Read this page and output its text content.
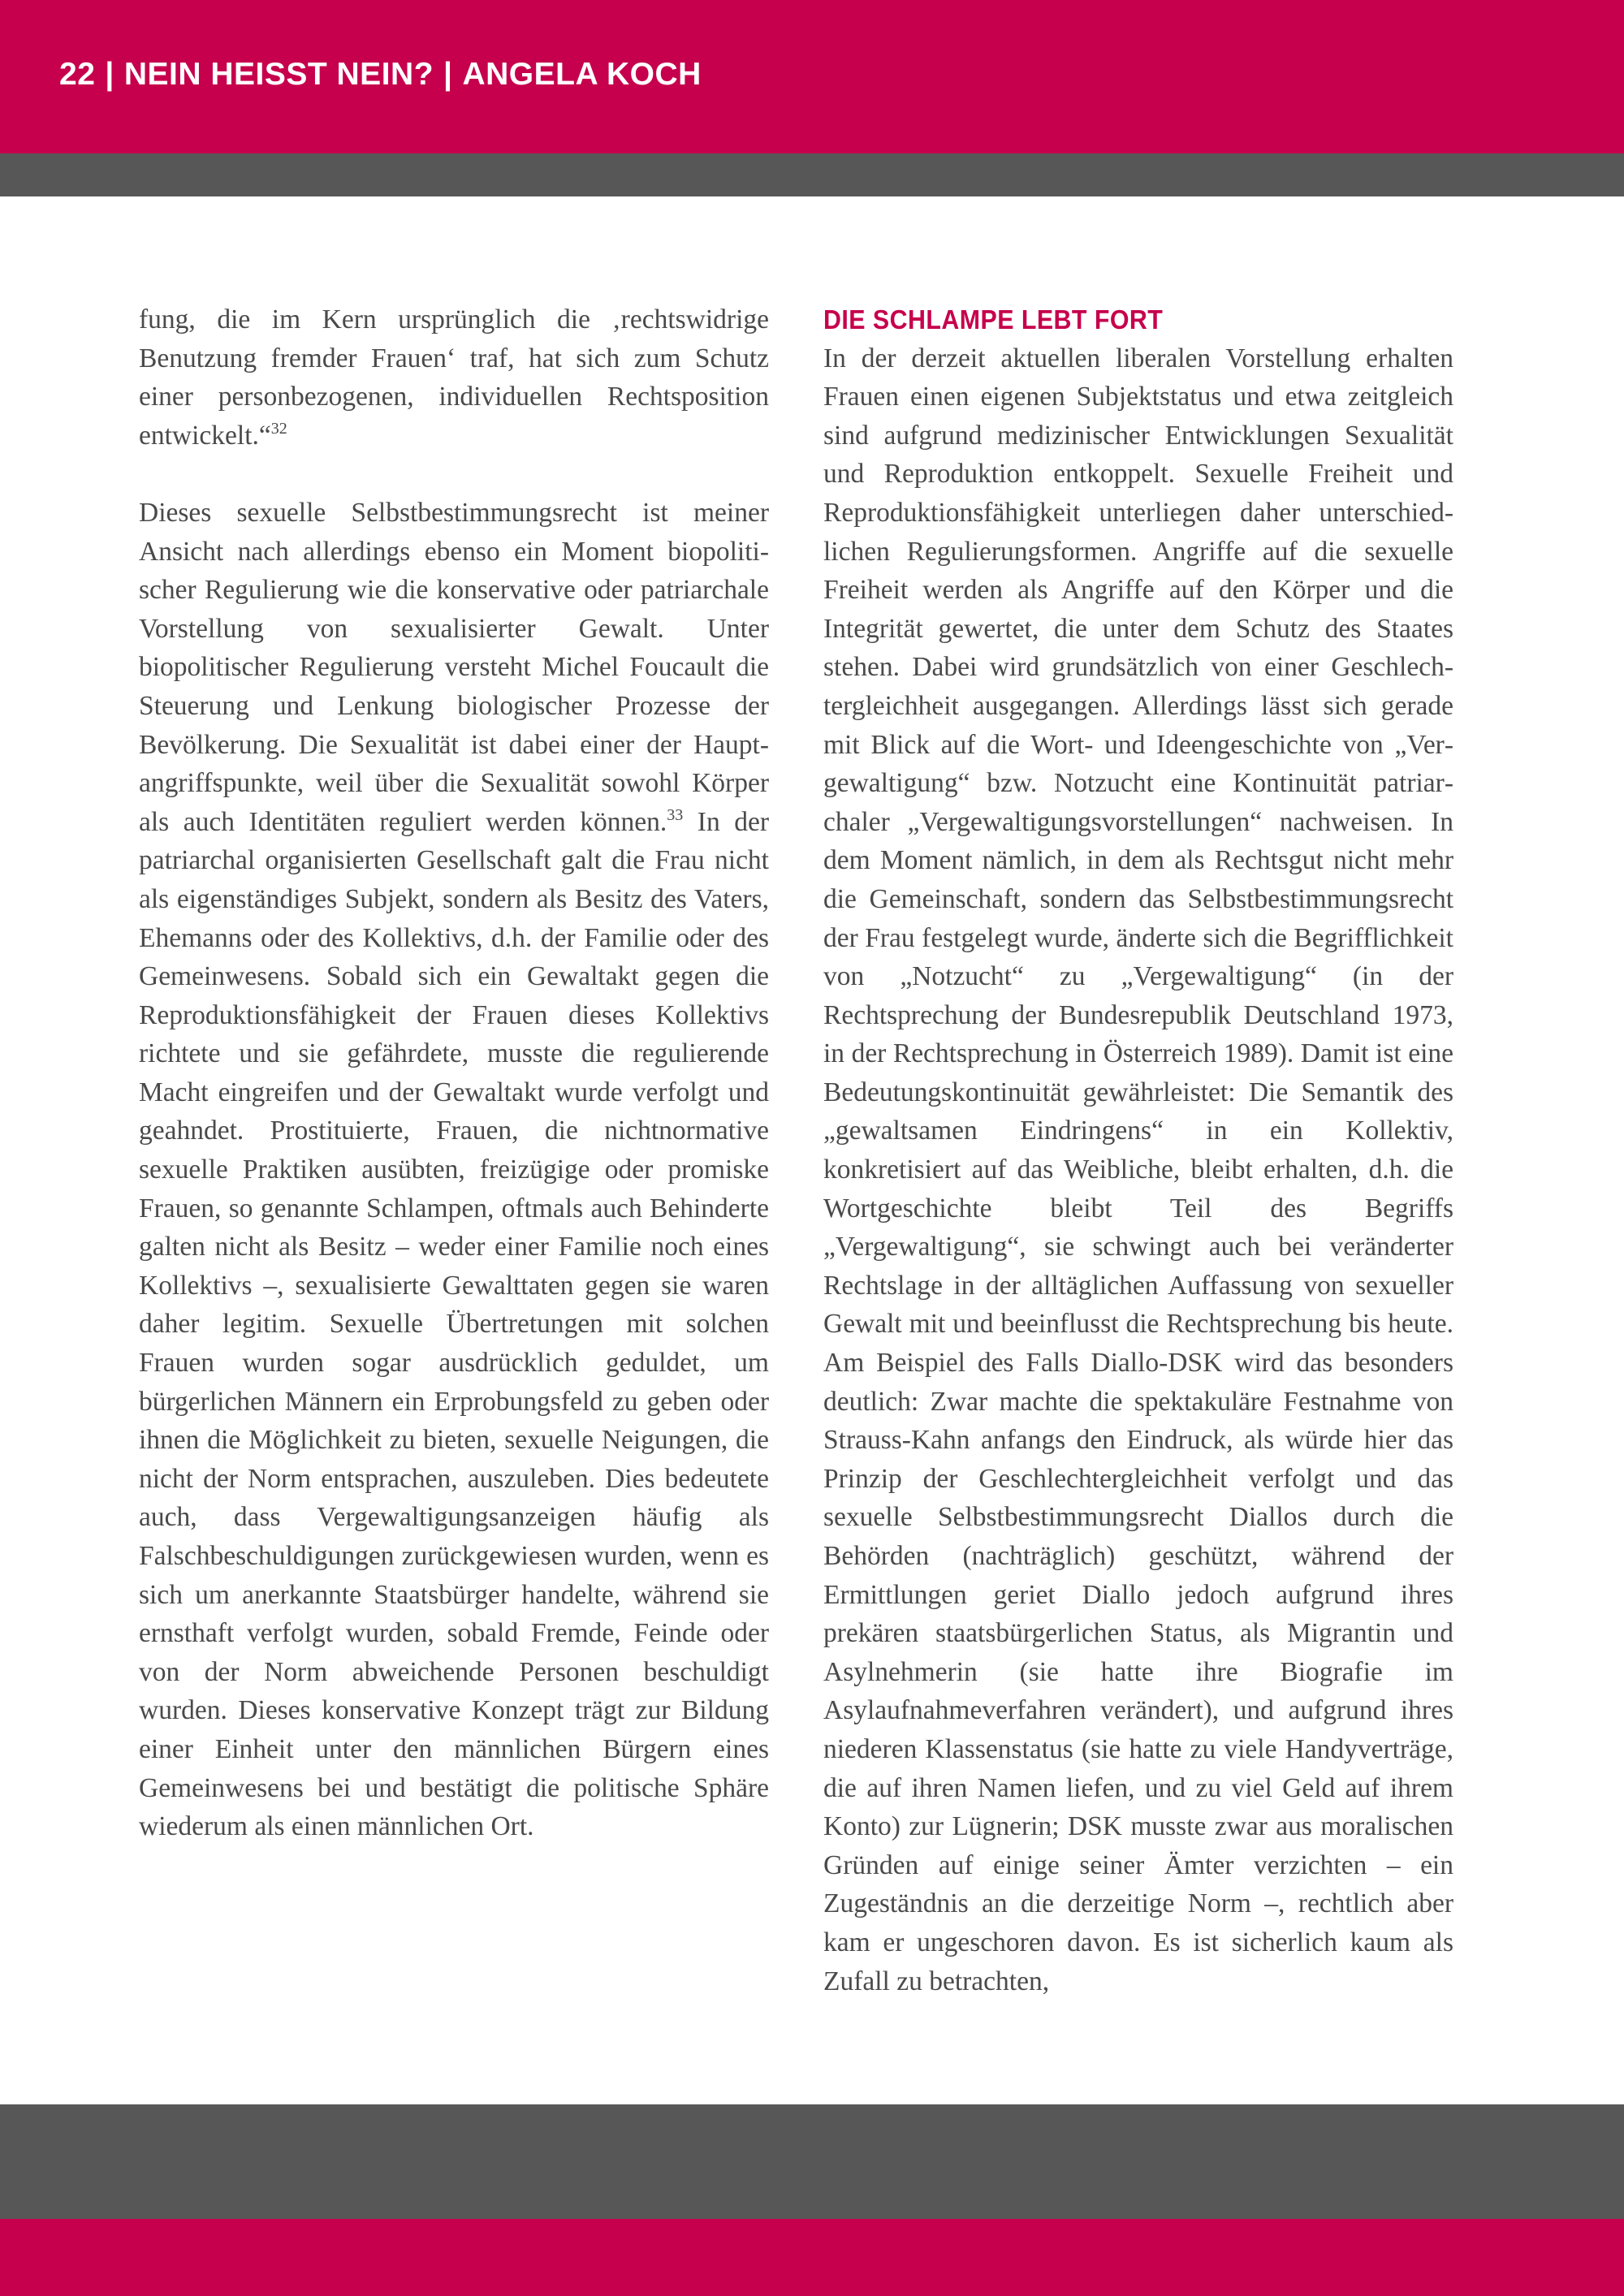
22 | NEIN HEISST NEIN? | ANGELA KOCH

fung, die im Kern ursprünglich die ‚rechtswidrige Benutzung fremder Frauen‘ traf, hat sich zum Schutz einer personbezogenen, individuellen Rechtsposition entwickelt.“$^{32}$

Dieses sexuelle Selbstbestimmungsrecht ist meiner Ansicht nach allerdings ebenso ein Moment biopolitischer Regulierung wie die konservative oder patriarchale Vorstellung von sexualisierter Gewalt. Unter biopolitischer Regulierung versteht Michel Foucault die Steuerung und Lenkung biologischer Prozesse der Bevölkerung. Die Sexualität ist dabei einer der Hauptangriffspunkte, weil über die Sexualität sowohl Körper als auch Identitäten reguliert werden können.$^{33}$ In der patriarchal organisierten Gesellschaft galt die Frau nicht als eigenständiges Subjekt, sondern als Besitz des Vaters, Ehemanns oder des Kollektivs, d.h. der Familie oder des Gemeinwesens. Sobald sich ein Gewaltakt gegen die Reproduktionsfähigkeit der Frauen dieses Kollektivs richtete und sie gefährdete, musste die regulierende Macht eingreifen und der Gewaltakt wurde verfolgt und geahndet. Prostituierte, Frauen, die nichtnormative sexuelle Praktiken ausübten, freizügige oder promiske Frauen, so genannte Schlampen, oftmals auch Behinderte galten nicht als Besitz – weder einer Familie noch eines Kollektivs –, sexualisierte Gewalttaten gegen sie waren daher legitim. Sexuelle Übertretungen mit solchen Frauen wurden sogar ausdrücklich geduldet, um bürgerlichen Männern ein Erprobungsfeld zu geben oder ihnen die Möglichkeit zu bieten, sexuelle Neigungen, die nicht der Norm entsprachen, auszuleben. Dies bedeutete auch, dass Vergewaltigungsanzeigen häufig als Falschbeschuldigungen zurückgewiesen wurden, wenn es sich um anerkannte Staatsbürger handelte, während sie ernsthaft verfolgt wurden, sobald Fremde, Feinde oder von der Norm abweichende Personen beschuldigt wurden. Dieses konservative Konzept trägt zur Bildung einer Einheit unter den männlichen Bürgern eines Gemeinwesens bei und bestätigt die politische Sphäre wiederum als einen männlichen Ort.

DIE SCHLAMPE LEBT FORT

In der derzeit aktuellen liberalen Vorstellung erhalten Frauen einen eigenen Subjektstatus und etwa zeitgleich sind aufgrund medizinischer Entwicklungen Sexualität und Reproduktion entkoppelt. Sexuelle Freiheit und Reproduktionsfähigkeit unterliegen daher unterschiedlichen Regulierungsformen. Angriffe auf die sexuelle Freiheit werden als Angriffe auf den Körper und die Integrität gewertet, die unter dem Schutz des Staates stehen. Dabei wird grundsätzlich von einer Geschlechtergleichheit ausgegangen. Allerdings lässt sich gerade mit Blick auf die Wort- und Ideengeschichte von „Vergewaltigung“ bzw. Notzucht eine Kontinuität patriarchaler „Vergewaltigungsvorstellungen“ nachweisen. In dem Moment nämlich, in dem als Rechtsgut nicht mehr die Gemeinschaft, sondern das Selbstbestimmungsrecht der Frau festgelegt wurde, änderte sich die Begrifflichkeit von „Notzucht“ zu „Vergewaltigung“ (in der Rechtsprechung der Bundesrepublik Deutschland 1973, in der Rechtsprechung in Österreich 1989). Damit ist eine Bedeutungskontinuität gewährleistet: Die Semantik des „gewaltsamen Eindringens“ in ein Kollektiv, konkretisiert auf das Weibliche, bleibt erhalten, d.h. die Wortgeschichte bleibt Teil des Begriffs „Vergewaltigung“, sie schwingt auch bei veränderter Rechtslage in der alltäglichen Auffassung von sexueller Gewalt mit und beeinflusst die Rechtsprechung bis heute. Am Beispiel des Falls Diallo-DSK wird das besonders deutlich: Zwar machte die spektakuläre Festnahme von Strauss-Kahn anfangs den Eindruck, als würde hier das Prinzip der Geschlechtergleichheit verfolgt und das sexuelle Selbstbestimmungsrecht Diallos durch die Behörden (nachträglich) geschützt, während der Ermittlungen geriet Diallo jedoch aufgrund ihres prekären staatsbürgerlichen Status, als Migrantin und Asylnehmerin (sie hatte ihre Biografie im Asylaufnahmeverfahren verändert), und aufgrund ihres niederen Klassenstatus (sie hatte zu viele Handyverträge, die auf ihren Namen liefen, und zu viel Geld auf ihrem Konto) zur Lügnerin; DSK musste zwar aus moralischen Gründen auf einige seiner Ämter verzichten – ein Zugeständnis an die derzeitige Norm –, rechtlich aber kam er ungeschoren davon. Es ist sicherlich kaum als Zufall zu betrachten,
